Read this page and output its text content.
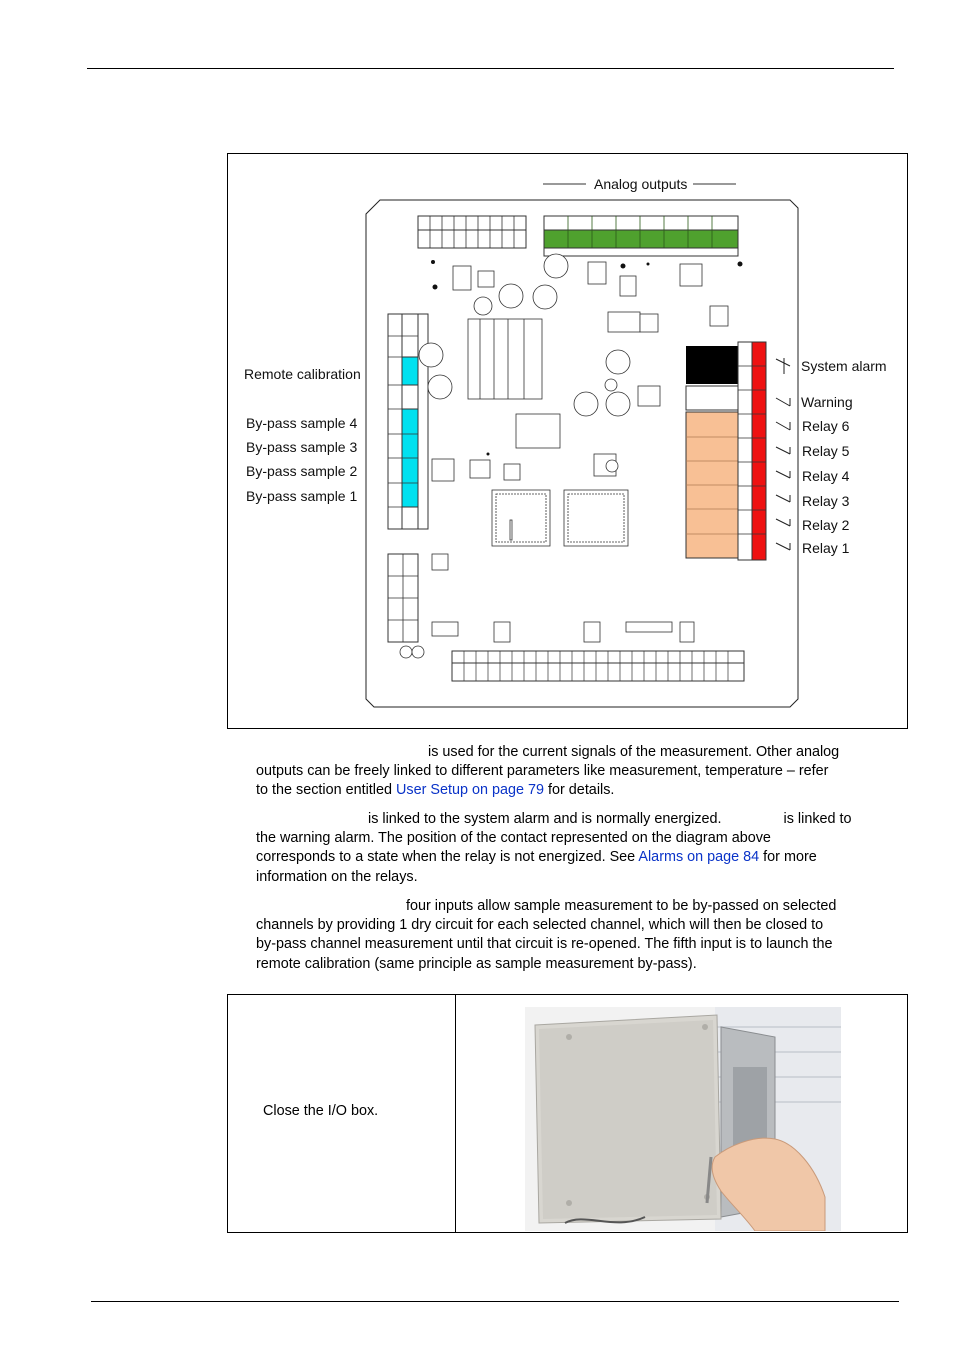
Analog outputs
Remote calibration
By-pass sample 4
By-pass sample 3
By-pass sample 2
By-pass sample 1
System alarm
Warning
Relay 6
Relay 5
Relay 4
Relay 3
Relay 2
Relay 1

is used for the current signals of the measurement. Other analog
outputs can be freely linked to different parameters like measurement, temperature – refer
to the section entitled User Setup on page 79 for details.

is linked to the system alarm and is normally energized.	is linked to
the warning alarm. The position of the contact represented on the diagram above
corresponds to a state when the relay is not energized. See Alarms on page 84 for more
information on the relays.

four inputs allow sample measurement to be by-passed on selected
channels by providing 1 dry circuit for each selected channel, which will then be closed to
by-pass channel measurement until that circuit is re-opened. The fifth input is to launch the
remote calibration (same principle as sample measurement by-pass).

Close the I/O box.
